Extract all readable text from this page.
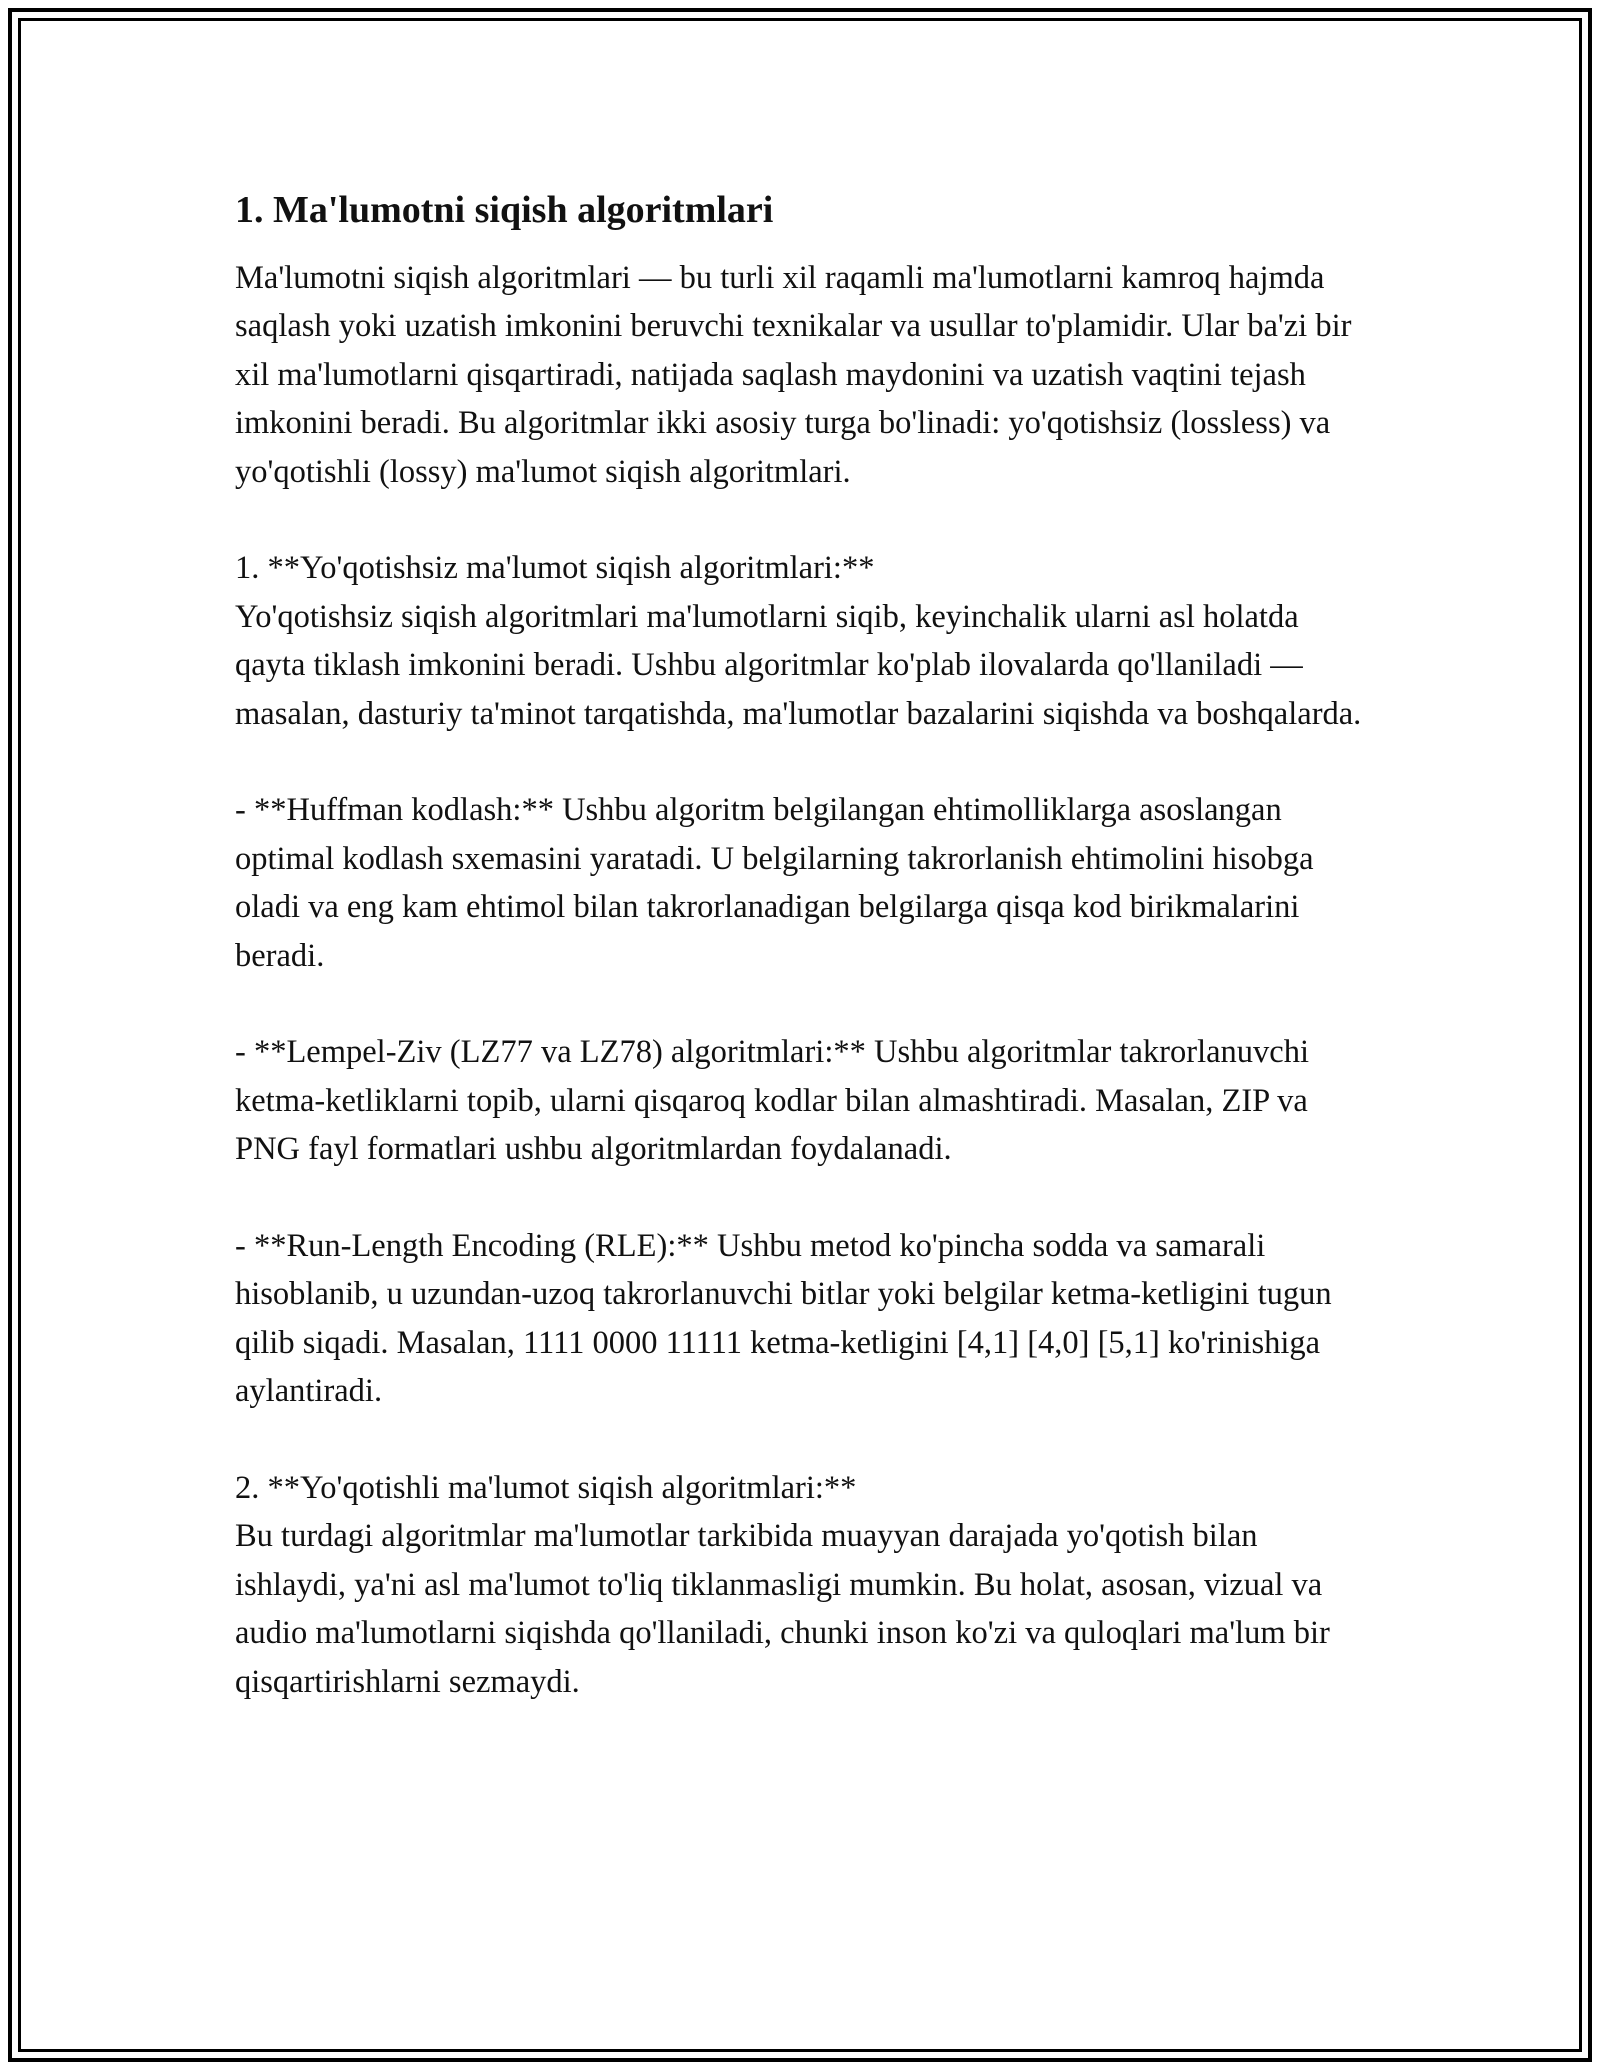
1. Ma'lumotni siqish algoritmlari

Ma'lumotni siqish algoritmlari — bu turli xil raqamli ma'lumotlarni kamroq hajmda saqlash yoki uzatish imkonini beruvchi texnikalar va usullar to'plamidir. Ular ba'zi bir xil ma'lumotlarni qisqartiradi, natijada saqlash maydonini va uzatish vaqtini tejash imkonini beradi. Bu algoritmlar ikki asosiy turga bo'linadi: yo'qotishsiz (lossless) va yo'qotishli (lossy) ma'lumot siqish algoritmlari.

1. **Yo'qotishsiz ma'lumot siqish algoritmlari:**
Yo'qotishsiz siqish algoritmlari ma'lumotlarni siqib, keyinchalik ularni asl holatda qayta tiklash imkonini beradi. Ushbu algoritmlar ko'plab ilovalarda qo'llaniladi — masalan, dasturiy ta'minot tarqatishda, ma'lumotlar bazalarini siqishda va boshqalarda.

- **Huffman kodlash:** Ushbu algoritm belgilangan ehtimolliklarga asoslangan optimal kodlash sxemasini yaratadi. U belgilarning takrorlanish ehtimolini hisobga oladi va eng kam ehtimol bilan takrorlanadigan belgilarga qisqa kod birikmalarini beradi.

- **Lempel-Ziv (LZ77 va LZ78) algoritmlari:** Ushbu algoritmlar takrorlanuvchi ketma-ketliklarni topib, ularni qisqaroq kodlar bilan almashtiradi. Masalan, ZIP va PNG fayl formatlari ushbu algoritmlardan foydalanadi.

- **Run-Length Encoding (RLE):** Ushbu metod ko'pincha sodda va samarali hisoblanib, u uzundan-uzoq takrorlanuvchi bitlar yoki belgilar ketma-ketligini tugun qilib siqadi. Masalan, 1111 0000 11111 ketma-ketligini [4,1] [4,0] [5,1] ko'rinishiga aylantiradi.

2. **Yo'qotishli ma'lumot siqish algoritmlari:**
Bu turdagi algoritmlar ma'lumotlar tarkibida muayyan darajada yo'qotish bilan ishlaydi, ya'ni asl ma'lumot to'liq tiklanmasligi mumkin. Bu holat, asosan, vizual va audio ma'lumotlarni siqishda qo'llaniladi, chunki inson ko'zi va quloqlari ma'lum bir qisqartirishlarni sezmaydi.
